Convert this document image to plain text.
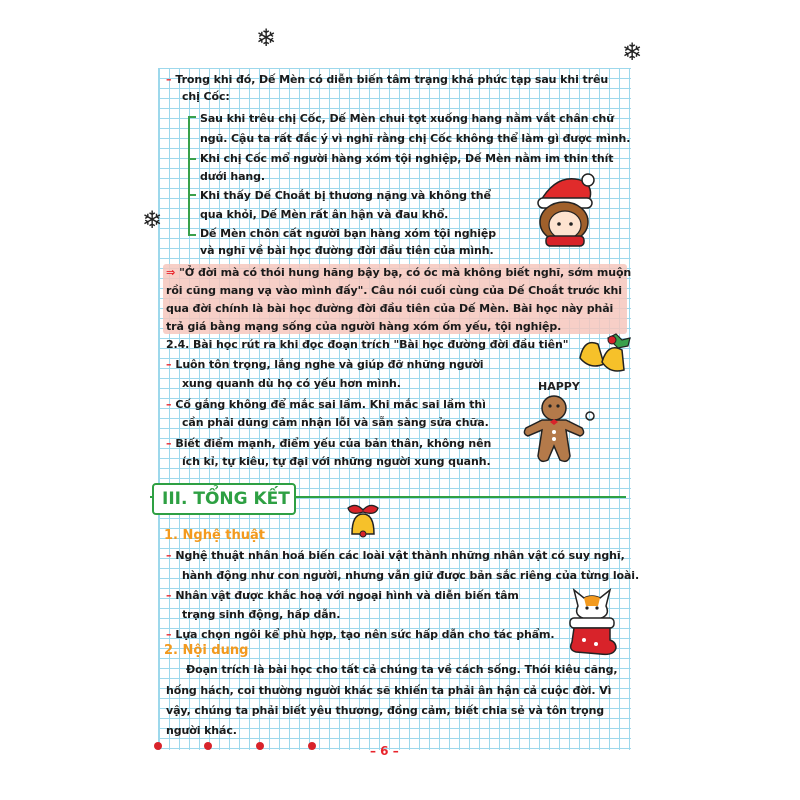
❄	❄
❄
– Trong khi đó, Dế Mèn có diễn biến tâm trạng khá phức tạp sau khi trêu
chị Cốc:
Sau khi trêu chị Cốc, Dế Mèn chui tọt xuống hang nằm vắt chân chữ
ngũ. Cậu ta rất đắc ý vì nghĩ rằng chị Cốc không thể làm gì được mình.
Khi chị Cốc mổ người hàng xóm tội nghiệp, Dế Mèn nằm im thin thít
dưới hang.
Khi thấy Dế Choắt bị thương nặng và không thể
qua khỏi, Dế Mèn rất ân hận và đau khổ.
Dế Mèn chôn cất người bạn hàng xóm tội nghiệp
và nghĩ về bài học đường đời đầu tiên của mình.
⇒ "Ở đời mà có thói hung hăng bậy bạ, có óc mà không biết nghĩ, sớm muộn
rồi cũng mang vạ vào mình đấy". Câu nói cuối cùng của Dế Choắt trước khi
qua đời chính là bài học đường đời đầu tiên của Dế Mèn. Bài học này phải
trả giá bằng mạng sống của người hàng xóm ốm yếu, tội nghiệp.
2.4. Bài học rút ra khi đọc đoạn trích "Bài học đường đời đầu tiên"
– Luôn tôn trọng, lắng nghe và giúp đỡ những người
xung quanh dù họ có yếu hơn mình.
– Cố gắng không để mắc sai lầm. Khi mắc sai lầm thì
cần phải dũng cảm nhận lỗi và sẵn sàng sửa chữa.
– Biết điểm mạnh, điểm yếu của bản thân, không nên
ích kỉ, tự kiêu, tự đại với những người xung quanh.
III. TỔNG KẾT
1. Nghệ thuật
– Nghệ thuật nhân hoá biến các loài vật thành những nhân vật có suy nghĩ,
hành động như con người, nhưng vẫn giữ được bản sắc riêng của từng loài.
– Nhân vật được khắc hoạ với ngoại hình và diễn biến tâm
trạng sinh động, hấp dẫn.
– Lựa chọn ngôi kể phù hợp, tạo nên sức hấp dẫn cho tác phẩm.
2. Nội dung
Đoạn trích là bài học cho tất cả chúng ta về cách sống. Thói kiêu căng,
hống hách, coi thường người khác sẽ khiến ta phải ân hận cả cuộc đời. Vì
vậy, chúng ta phải biết yêu thương, đồng cảm, biết chia sẻ và tôn trọng
người khác.
– 6 –
HAPPY
